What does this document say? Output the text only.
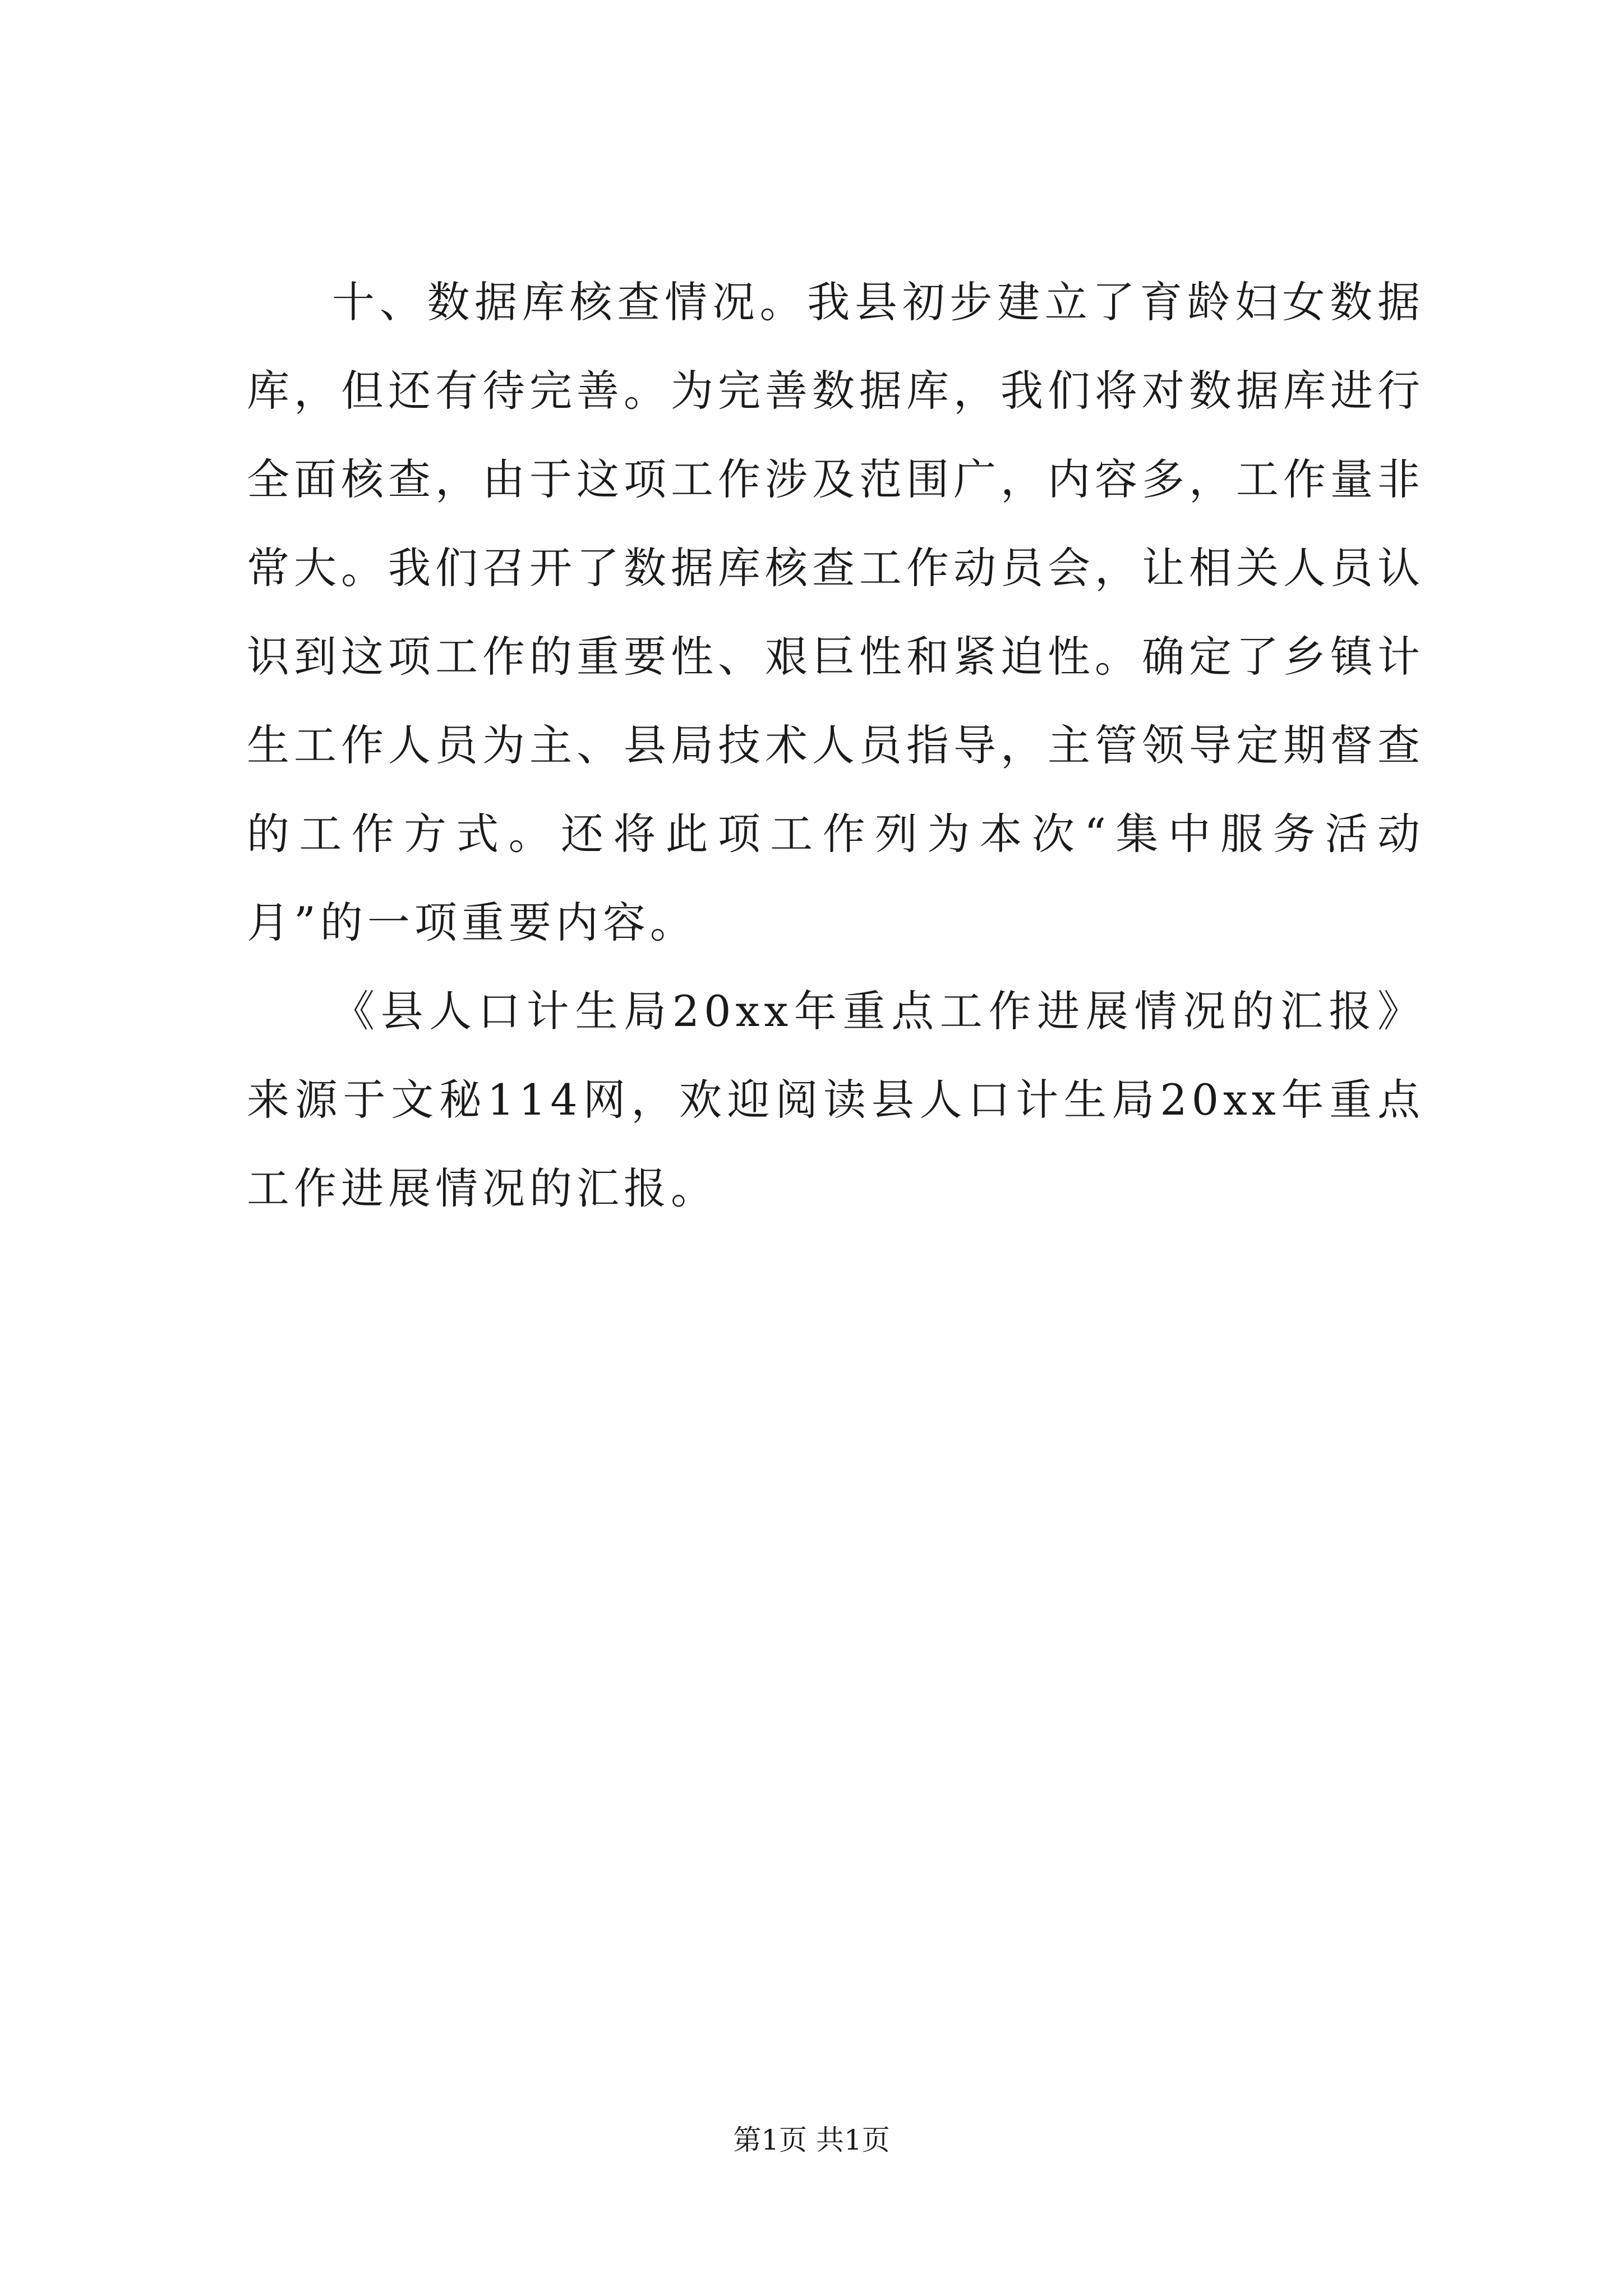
十、数据库核查情况。我县初步建立了育龄妇女数据库，但还有待完善。为完善数据库，我们将对数据库进行全面核查，由于这项工作涉及范围广，内容多，工作量非常大。我们召开了数据库核查工作动员会，让相关人员认识到这项工作的重要性、艰巨性和紧迫性。确定了乡镇计生工作人员为主、县局技术人员指导，主管领导定期督查的工作方式。还将此项工作列为本次“集中服务活动月”的一项重要内容。

《县人口计生局20xx年重点工作进展情况的汇报》来源于文秘114网，欢迎阅读县人口计生局20xx年重点工作进展情况的汇报。

第1页 共1页
